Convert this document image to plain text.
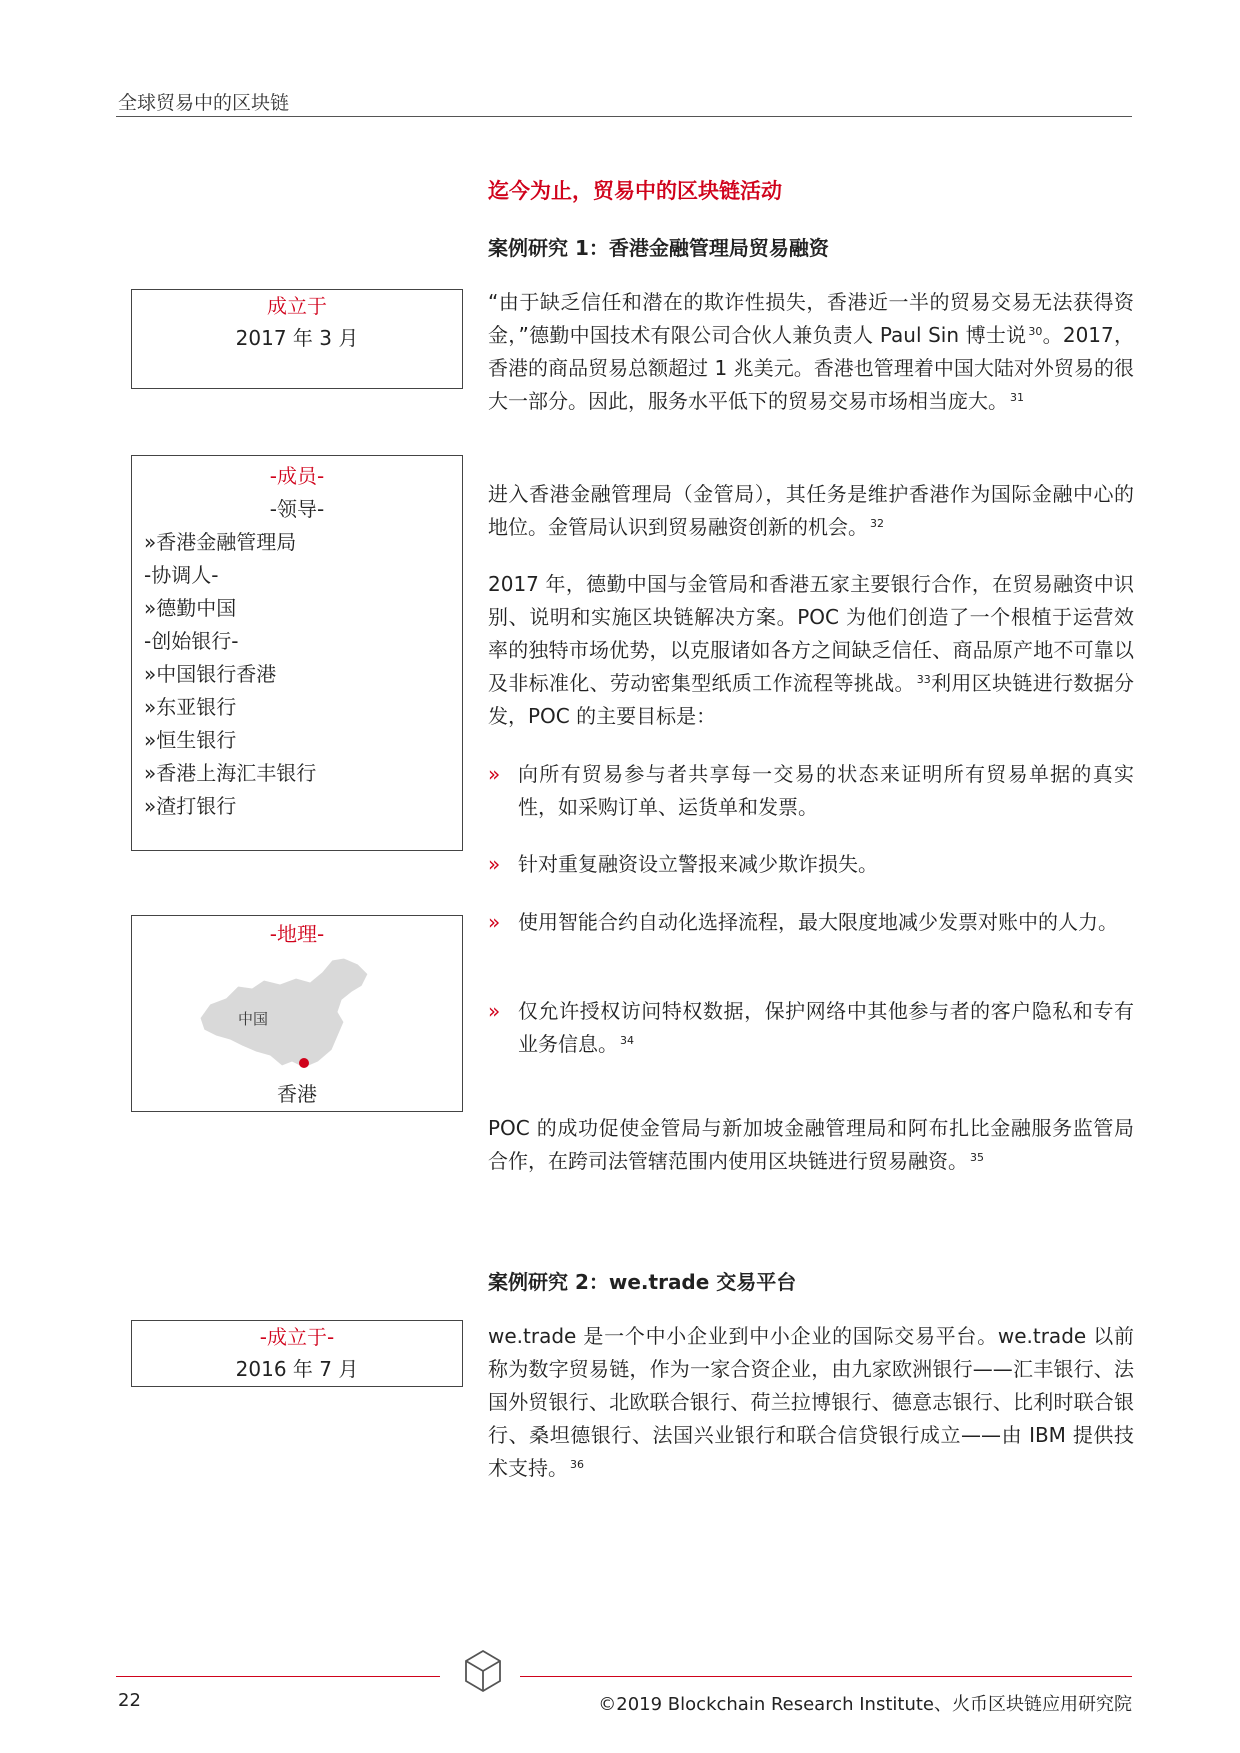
全球贸易中的区块链
迄今为止，贸易中的区块链活动
案例研究 1：香港金融管理局贸易融资
“由于缺乏信任和潜在的欺诈性损失，香港近一半的贸易交易无法获得资金，”德勤中国技术有限公司合伙人兼负责人 Paul Sin 博士说 $^{30}$。2017，香港的商品贸易总额超过 1 兆美元。香港也管理着中国大陆对外贸易的很大一部分。因此，服务水平低下的贸易交易市场相当庞大。 $^{31}$
进入香港金融管理局（金管局），其任务是维护香港作为国际金融中心的地位。金管局认识到贸易融资创新的机会。 $^{32}$
2017 年，德勤中国与金管局和香港五家主要银行合作，在贸易融资中识别、说明和实施区块链解决方案。POC 为他们创造了一个根植于运营效率的独特市场优势，以克服诸如各方之间缺乏信任、商品原产地不可靠以及非标准化、劳动密集型纸质工作流程等挑战。 $^{33}$利用区块链进行数据分发，POC 的主要目标是：
» 向所有贸易参与者共享每一交易的状态来证明所有贸易单据的真实性，如采购订单、运货单和发票。
» 针对重复融资设立警报来减少欺诈损失。
» 使用智能合约自动化选择流程，最大限度地减少发票对账中的人力。
» 仅允许授权访问特权数据，保护网络中其他参与者的客户隐私和专有业务信息。 $^{34}$
POC 的成功促使金管局与新加坡金融管理局和阿布扎比金融服务监管局合作，在跨司法管辖范围内使用区块链进行贸易融资。 $^{35}$
案例研究 2：we.trade 交易平台
we.trade 是一个中小企业到中小企业的国际交易平台。we.trade 以前称为数字贸易链，作为一家合资企业，由九家欧洲银行——汇丰银行、法国外贸银行、北欧联合银行、荷兰拉博银行、德意志银行、比利时联合银行、桑坦德银行、法国兴业银行和联合信贷银行成立——由 IBM 提供技术支持。 $^{36}$
成立于
2017 年 3 月
-成员-
-领导-
»香港金融管理局
-协调人-
»德勤中国
-创始银行-
»中国银行香港
»东亚银行
»恒生银行
»香港上海汇丰银行
»渣打银行
-地理-
中国
香港
-成立于-
2016 年 7 月
22	©2019 Blockchain Research Institute、火币区块链应用研究院
